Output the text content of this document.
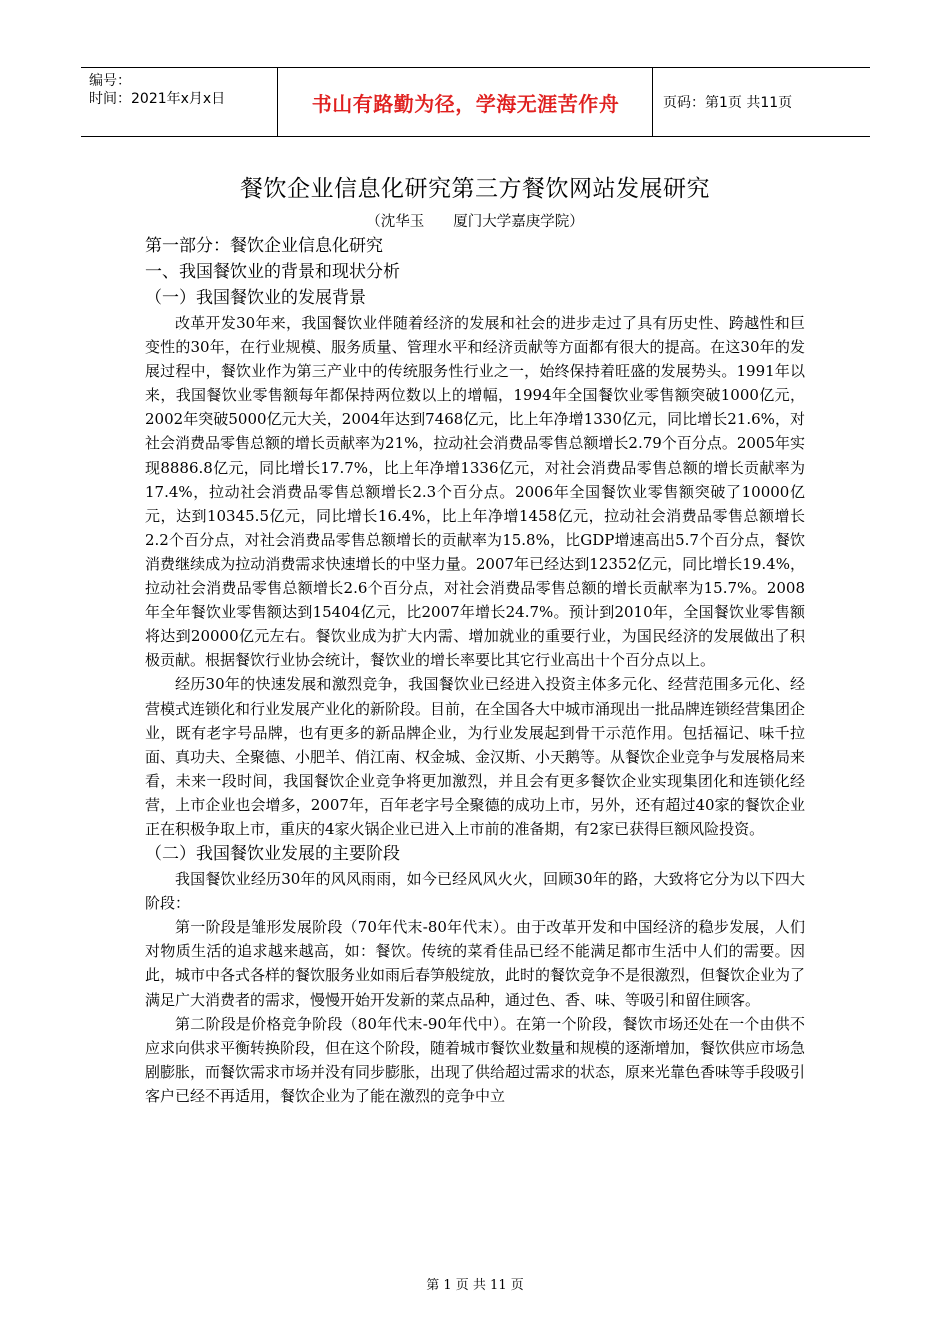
编号：
时间：2021年x月x日	书山有路勤为径，学海无涯苦作舟	页码：第1页 共11页
餐饮企业信息化研究第三方餐饮网站发展研究
（沈华玉　　厦门大学嘉庚学院）
第一部分：餐饮企业信息化研究
一、我国餐饮业的背景和现状分析
（一）我国餐饮业的发展背景

改革开发30年来，我国餐饮业伴随着经济的发展和社会的进步走过了具有历史性、跨越性和巨变性的30年，在行业规模、服务质量、管理水平和经济贡献等方面都有很大的提高。在这30年的发展过程中，餐饮业作为第三产业中的传统服务性行业之一，始终保持着旺盛的发展势头。1991年以来，我国餐饮业零售额每年都保持两位数以上的增幅，1994年全国餐饮业零售额突破1000亿元，2002年突破5000亿元大关，2004年达到7468亿元，比上年净增1330亿元，同比增长21.6%，对社会消费品零售总额的增长贡献率为21%，拉动社会消费品零售总额增长2.79个百分点。2005年实现8886.8亿元，同比增长17.7%，比上年净增1336亿元，对社会消费品零售总额的增长贡献率为17.4%，拉动社会消费品零售总额增长2.3个百分点。2006年全国餐饮业零售额突破了10000亿元，达到10345.5亿元，同比增长16.4%，比上年净增1458亿元，拉动社会消费品零售总额增长2.2个百分点，对社会消费品零售总额增长的贡献率为15.8%，比GDP增速高出5.7个百分点，餐饮消费继续成为拉动消费需求快速增长的中坚力量。2007年已经达到12352亿元，同比增长19.4%，拉动社会消费品零售总额增长2.6个百分点，对社会消费品零售总额的增长贡献率为15.7%。2008年全年餐饮业零售额达到15404亿元，比2007年增长24.7%。预计到2010年，全国餐饮业零售额将达到20000亿元左右。餐饮业成为扩大内需、增加就业的重要行业，为国民经济的发展做出了积极贡献。根据餐饮行业协会统计，餐饮业的增长率要比其它行业高出十个百分点以上。

经历30年的快速发展和激烈竞争，我国餐饮业已经进入投资主体多元化、经营范围多元化、经营模式连锁化和行业发展产业化的新阶段。目前，在全国各大中城市涌现出一批品牌连锁经营集团企业，既有老字号品牌，也有更多的新品牌企业，为行业发展起到骨干示范作用。包括福记、味千拉面、真功夫、全聚德、小肥羊、俏江南、权金城、金汉斯、小天鹅等。从餐饮企业竞争与发展格局来看，未来一段时间，我国餐饮企业竞争将更加激烈，并且会有更多餐饮企业实现集团化和连锁化经营，上市企业也会增多，2007年，百年老字号全聚德的成功上市，另外，还有超过40家的餐饮企业正在积极争取上市，重庆的4家火锅企业已进入上市前的准备期，有2家已获得巨额风险投资。

（二）我国餐饮业发展的主要阶段

我国餐饮业经历30年的风风雨雨，如今已经风风火火，回顾30年的路，大致将它分为以下四大阶段：

第一阶段是雏形发展阶段（70年代末-80年代末）。由于改革开发和中国经济的稳步发展，人们对物质生活的追求越来越高，如：餐饮。传统的菜肴佳品已经不能满足都市生活中人们的需要。因此，城市中各式各样的餐饮服务业如雨后春笋般绽放，此时的餐饮竞争不是很激烈，但餐饮企业为了满足广大消费者的需求，慢慢开始开发新的菜点品种，通过色、香、味、等吸引和留住顾客。

第二阶段是价格竞争阶段（80年代末-90年代中）。在第一个阶段，餐饮市场还处在一个由供不应求向供求平衡转换阶段，但在这个阶段，随着城市餐饮业数量和规模的逐渐增加，餐饮供应市场急剧膨胀，而餐饮需求市场并没有同步膨胀，出现了供给超过需求的状态，原来光靠色香味等手段吸引客户已经不再适用，餐饮企业为了能在激烈的竞争中立

第 1 页 共 11 页
